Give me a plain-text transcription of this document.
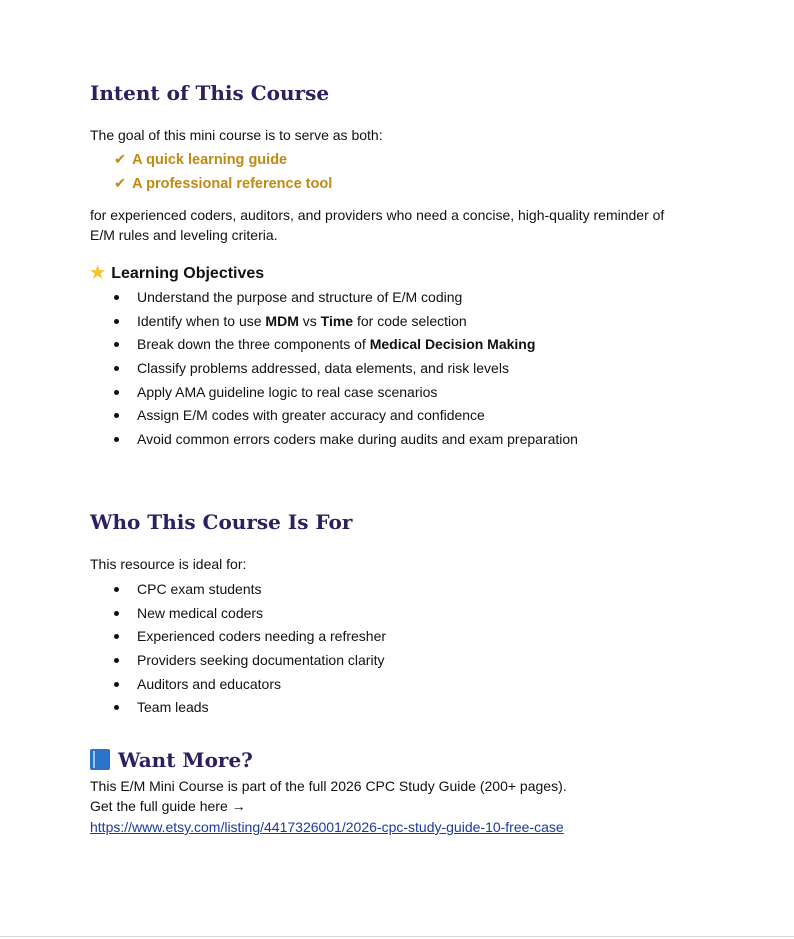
Intent of This Course

The goal of this mini course is to serve as both:

✔ A quick learning guide
✔ A professional reference tool

for experienced coders, auditors, and providers who need a concise, high-quality reminder of

E/M rules and leveling criteria.

★ Learning Objectives
Understand the purpose and structure of E/M coding
Identify when to use MDM vs Time for code selection
Break down the three components of Medical Decision Making
Classify problems addressed, data elements, and risk levels
Apply AMA guideline logic to real case scenarios
Assign E/M codes with greater accuracy and confidence
Avoid common errors coders make during audits and exam preparation
Who This Course Is For

This resource is ideal for:

CPC exam students
New medical coders
Experienced coders needing a refresher
Providers seeking documentation clarity
Auditors and educators
Team leads
Want More?

This E/M Mini Course is part of the full 2026 CPC Study Guide (200+ pages).

Get the full guide here →

https://www.etsy.com/listing/4417326001/2026-cpc-study-guide-10-free-case
